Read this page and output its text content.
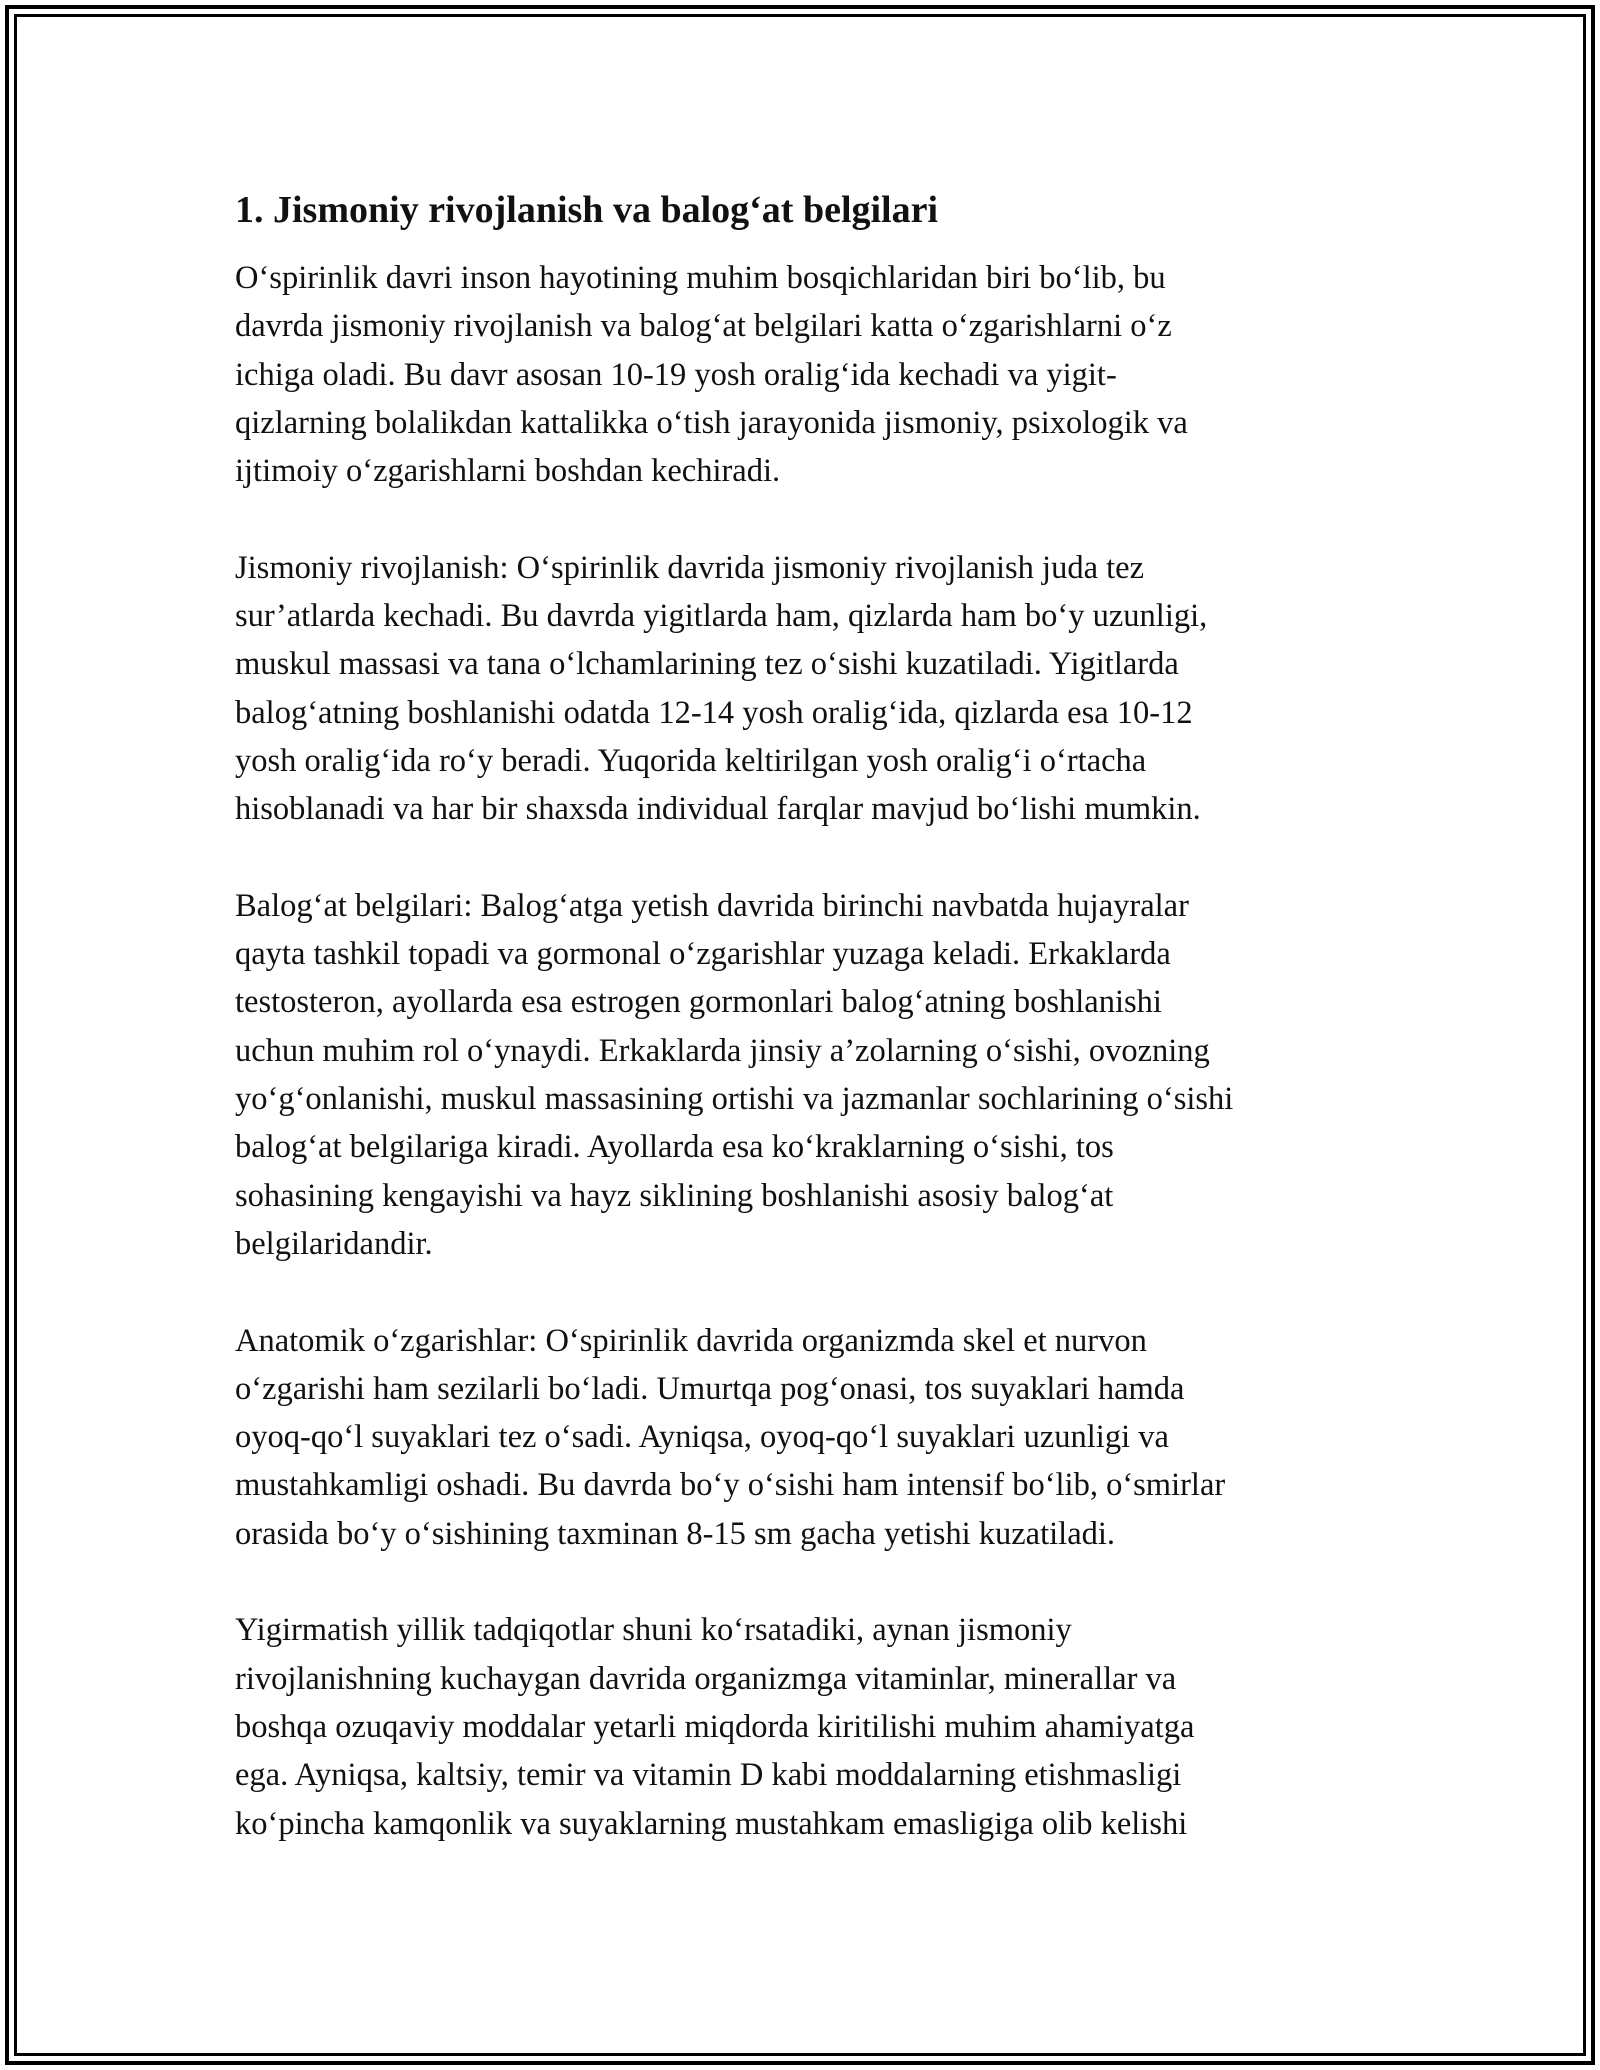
1. Jismoniy rivojlanish va balog‘at belgilari
O‘spirinlik davri inson hayotining muhim bosqichlaridan biri bo‘lib, bu
davrda jismoniy rivojlanish va balog‘at belgilari katta o‘zgarishlarni o‘z
ichiga oladi. Bu davr asosan 10-19 yosh oralig‘ida kechadi va yigit-
qizlarning bolalikdan kattalikka o‘tish jarayonida jismoniy, psixologik va
ijtimoiy o‘zgarishlarni boshdan kechiradi.
Jismoniy rivojlanish: O‘spirinlik davrida jismoniy rivojlanish juda tez
sur’atlarda kechadi. Bu davrda yigitlarda ham, qizlarda ham bo‘y uzunligi,
muskul massasi va tana o‘lchamlarining tez o‘sishi kuzatiladi. Yigitlarda
balog‘atning boshlanishi odatda 12-14 yosh oralig‘ida, qizlarda esa 10-12
yosh oralig‘ida ro‘y beradi. Yuqorida keltirilgan yosh oralig‘i o‘rtacha
hisoblanadi va har bir shaxsda individual farqlar mavjud bo‘lishi mumkin.
Balog‘at belgilari: Balog‘atga yetish davrida birinchi navbatda hujayralar
qayta tashkil topadi va gormonal o‘zgarishlar yuzaga keladi. Erkaklarda
testosteron, ayollarda esa estrogen gormonlari balog‘atning boshlanishi
uchun muhim rol o‘ynaydi. Erkaklarda jinsiy a’zolarning o‘sishi, ovozning
yo‘g‘onlanishi, muskul massasining ortishi va jazmanlar sochlarining o‘sishi
balog‘at belgilariga kiradi. Ayollarda esa ko‘kraklarning o‘sishi, tos
sohasining kengayishi va hayz siklining boshlanishi asosiy balog‘at
belgilaridandir.
Anatomik o‘zgarishlar: O‘spirinlik davrida organizmda skel et nurvon
o‘zgarishi ham sezilarli bo‘ladi. Umurtqa pog‘onasi, tos suyaklari hamda
oyoq-qo‘l suyaklari tez o‘sadi. Ayniqsa, oyoq-qo‘l suyaklari uzunligi va
mustahkamligi oshadi. Bu davrda bo‘y o‘sishi ham intensif bo‘lib, o‘smirlar
orasida bo‘y o‘sishining taxminan 8-15 sm gacha yetishi kuzatiladi.
Yigirmatish yillik tadqiqotlar shuni ko‘rsatadiki, aynan jismoniy
rivojlanishning kuchaygan davrida organizmga vitaminlar, minerallar va
boshqa ozuqaviy moddalar yetarli miqdorda kiritilishi muhim ahamiyatga
ega. Ayniqsa, kaltsiy, temir va vitamin D kabi moddalarning etishmasligi
ko‘pincha kamqonlik va suyaklarning mustahkam emasligiga olib kelishi
